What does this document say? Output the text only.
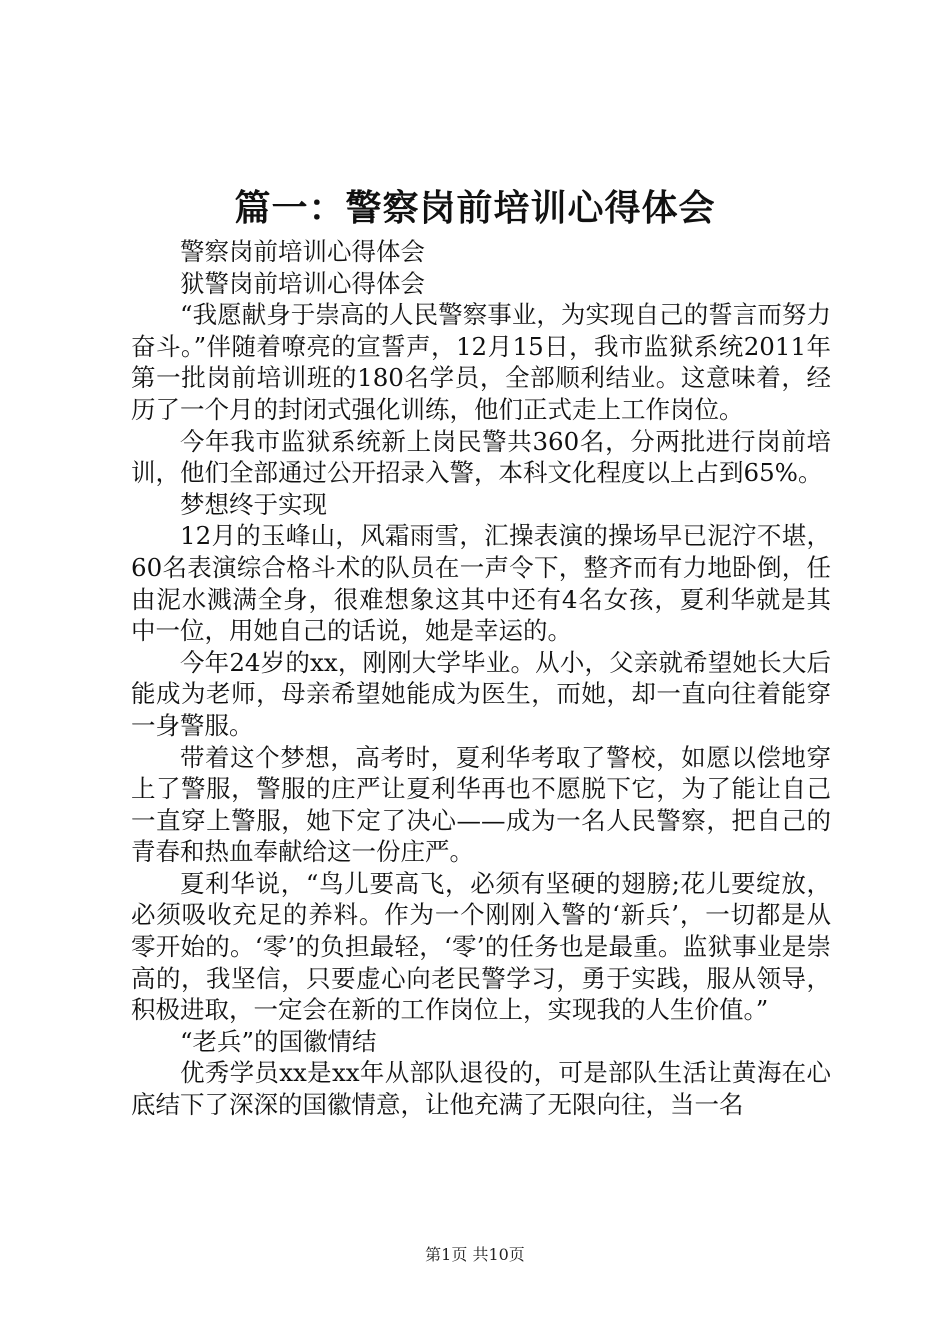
篇一：警察岗前培训心得体会

警察岗前培训心得体会

狱警岗前培训心得体会

“我愿献身于崇高的人民警察事业，为实现自己的誓言而努力奋斗。”伴随着嘹亮的宣誓声，12月15日，我市监狱系统2011年第一批岗前培训班的180名学员，全部顺利结业。这意味着，经历了一个月的封闭式强化训练，他们正式走上工作岗位。

今年我市监狱系统新上岗民警共360名，分两批进行岗前培训，他们全部通过公开招录入警，本科文化程度以上占到65%。

梦想终于实现

12月的玉峰山，风霜雨雪，汇操表演的操场早已泥泞不堪，60名表演综合格斗术的队员在一声令下，整齐而有力地卧倒，任由泥水溅满全身，很难想象这其中还有4名女孩，夏利华就是其中一位，用她自己的话说，她是幸运的。

今年24岁的xx，刚刚大学毕业。从小，父亲就希望她长大后能成为老师，母亲希望她能成为医生，而她，却一直向往着能穿一身警服。

带着这个梦想，高考时，夏利华考取了警校，如愿以偿地穿上了警服，警服的庄严让夏利华再也不愿脱下它，为了能让自己一直穿上警服，她下定了决心——成为一名人民警察，把自己的青春和热血奉献给这一份庄严。

夏利华说，“鸟儿要高飞，必须有坚硬的翅膀;花儿要绽放，必须吸收充足的养料。作为一个刚刚入警的‘新兵’，一切都是从零开始的。‘零’的负担最轻，‘零’的任务也是最重。监狱事业是崇高的，我坚信，只要虚心向老民警学习，勇于实践，服从领导，积极进取，一定会在新的工作岗位上，实现我的人生价值。”

“老兵”的国徽情结

优秀学员xx是xx年从部队退役的，可是部队生活让黄海在心底结下了深深的国徽情意，让他充满了无限向往，当一名

第1页 共10页
